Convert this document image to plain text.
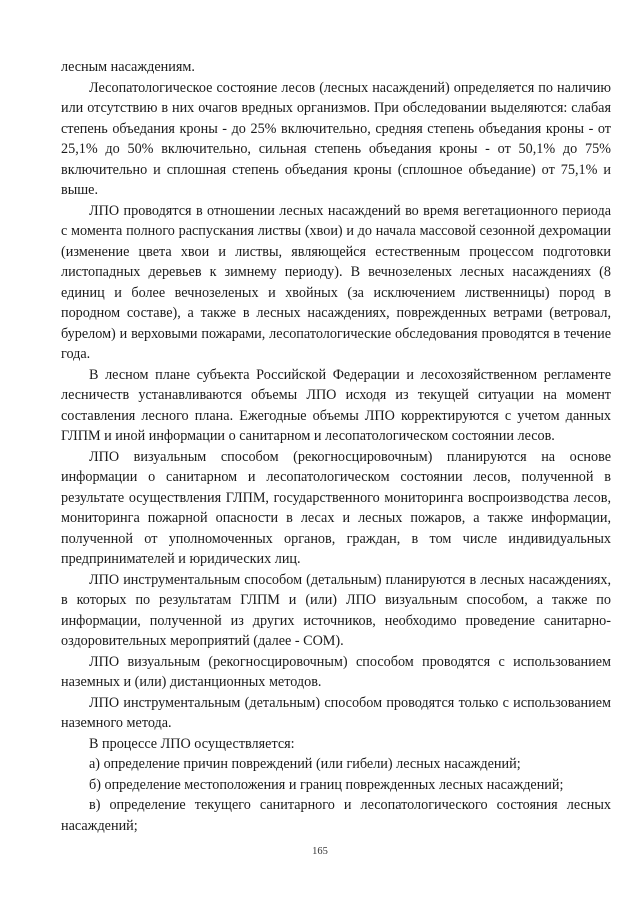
лесным насаждениям.

Лесопатологическое состояние лесов (лесных насаждений) определяется по наличию или отсутствию в них очагов вредных организмов. При обследовании выделяются: слабая степень объедания кроны - до 25% включительно, средняя степень объедания кроны - от 25,1% до 50% включительно, сильная степень объедания кроны - от 50,1% до 75% включительно и сплошная степень объедания кроны (сплошное объедание) от 75,1% и выше.

ЛПО проводятся в отношении лесных насаждений во время вегетационного периода с момента полного распускания листвы (хвои) и до начала массовой сезонной дехромации (изменение цвета хвои и листвы, являющейся естественным процессом подготовки листопадных деревьев к зимнему периоду). В вечнозеленых лесных насаждениях (8 единиц и более вечнозеленых и хвойных (за исключением лиственницы) пород в породном составе), а также в лесных насаждениях, поврежденных ветрами (ветровал, бурелом) и верховыми пожарами, лесопатологические обследования проводятся в течение года.

В лесном плане субъекта Российской Федерации и лесохозяйственном регламенте лесничеств устанавливаются объемы ЛПО исходя из текущей ситуации на момент составления лесного плана. Ежегодные объемы ЛПО корректируются с учетом данных ГЛПМ и иной информации о санитарном и лесопатологическом состоянии лесов.

ЛПО визуальным способом (рекогносцировочным) планируются на основе информации о санитарном и лесопатологическом состоянии лесов, полученной в результате осуществления ГЛПМ, государственного мониторинга воспроизводства лесов, мониторинга пожарной опасности в лесах и лесных пожаров, а также информации, полученной от уполномоченных органов, граждан, в том числе индивидуальных предпринимателей и юридических лиц.

ЛПО инструментальным способом (детальным) планируются в лесных насаждениях, в которых по результатам ГЛПМ и (или) ЛПО визуальным способом, а также по информации, полученной из других источников, необходимо проведение санитарно-оздоровительных мероприятий (далее - СОМ).

ЛПО визуальным (рекогносцировочным) способом проводятся с использованием наземных и (или) дистанционных методов.

ЛПО инструментальным (детальным) способом проводятся только с использованием наземного метода.

В процессе ЛПО осуществляется:

а) определение причин повреждений (или гибели) лесных насаждений;

б) определение местоположения и границ поврежденных лесных насаждений;

в) определение текущего санитарного и лесопатологического состояния лесных насаждений;

165
